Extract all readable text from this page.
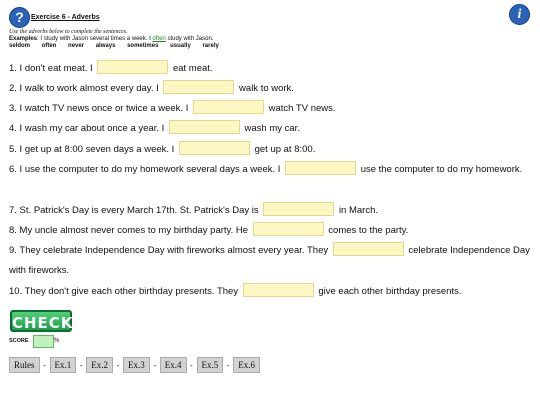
?	i
Exercise 6 - Adverbs
Use the adverbs below to complete the sentences.
Examples: I study with Jason several times a week. I often study with Jason.
seldom often never always sometimes usually rarely
1. I don't eat meat. I	eat meat.
2. I walk to work almost every day. I	walk to work.
3. I watch TV news once or twice a week. I	watch TV news.
4. I wash my car about once a year. I	wash my car.
5. I get up at 8:00 seven days a week. I	get up at 8:00.
6. I use the computer to do my homework several days a week. I	use the computer to do my homework.
7. St. Patrick's Day is every March 17th. St. Patrick's Day is	in March.
8. My uncle almost never comes to my birthday party. He	comes to the party.
9. They celebrate Independence Day with fireworks almost every year. They	celebrate Independence Day with fireworks.
10. They don't give each other birthday presents. They	give each other birthday presents.
CHECK
SCORE	%
Rules - Ex.1 - Ex.2 - Ex.3 - Ex.4 - Ex.5 - Ex.6
